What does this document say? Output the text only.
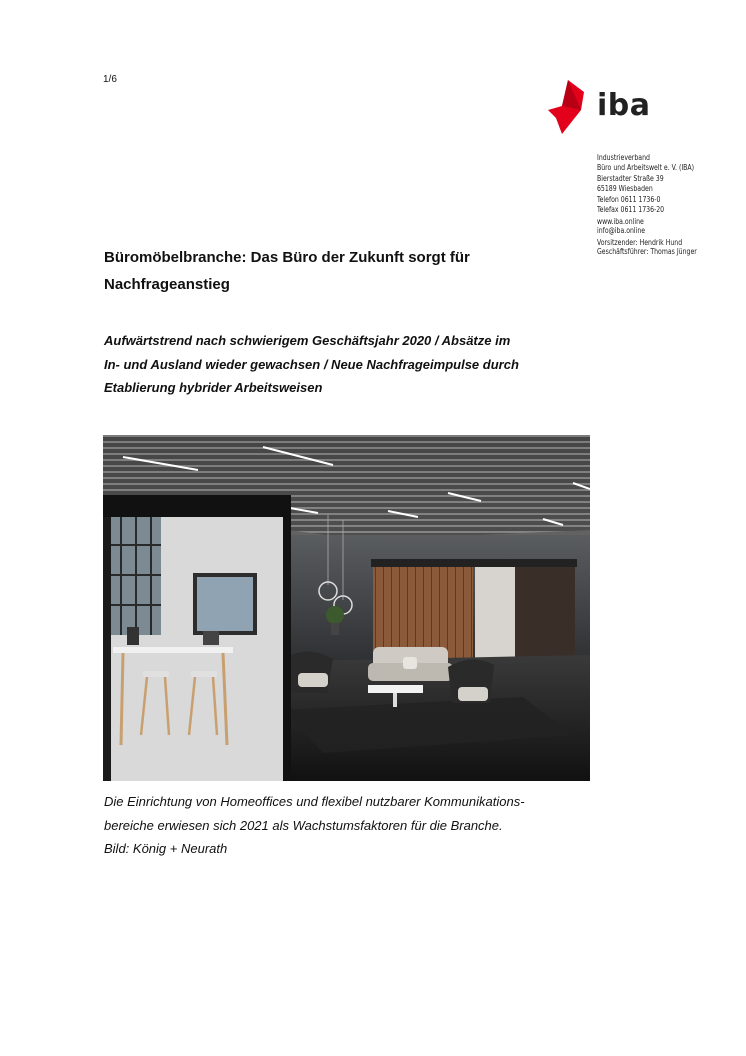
1/6
iba
Industrieverband
Büro und Arbeitswelt e. V. (IBA)
Bierstadter Straße 39
65189 Wiesbaden
Telefon 0611 1736-0
Telefax 0611 1736-20
www.iba.online
info@iba.online
Vorsitzender: Hendrik Hund
Geschäftsführer: Thomas Jünger
Büromöbelbranche: Das Büro der Zukunft sorgt für
Nachfrageanstieg
Aufwärtstrend nach schwierigem Geschäftsjahr 2020 / Absätze im
In- und Ausland wieder gewachsen / Neue Nachfrageimpulse durch
Etablierung hybrider Arbeitsweisen
Die Einrichtung von Homeoffices und flexibel nutzbarer Kommunikations-
bereiche erwiesen sich 2021 als Wachstumsfaktoren für die Branche.
Bild: König + Neurath
